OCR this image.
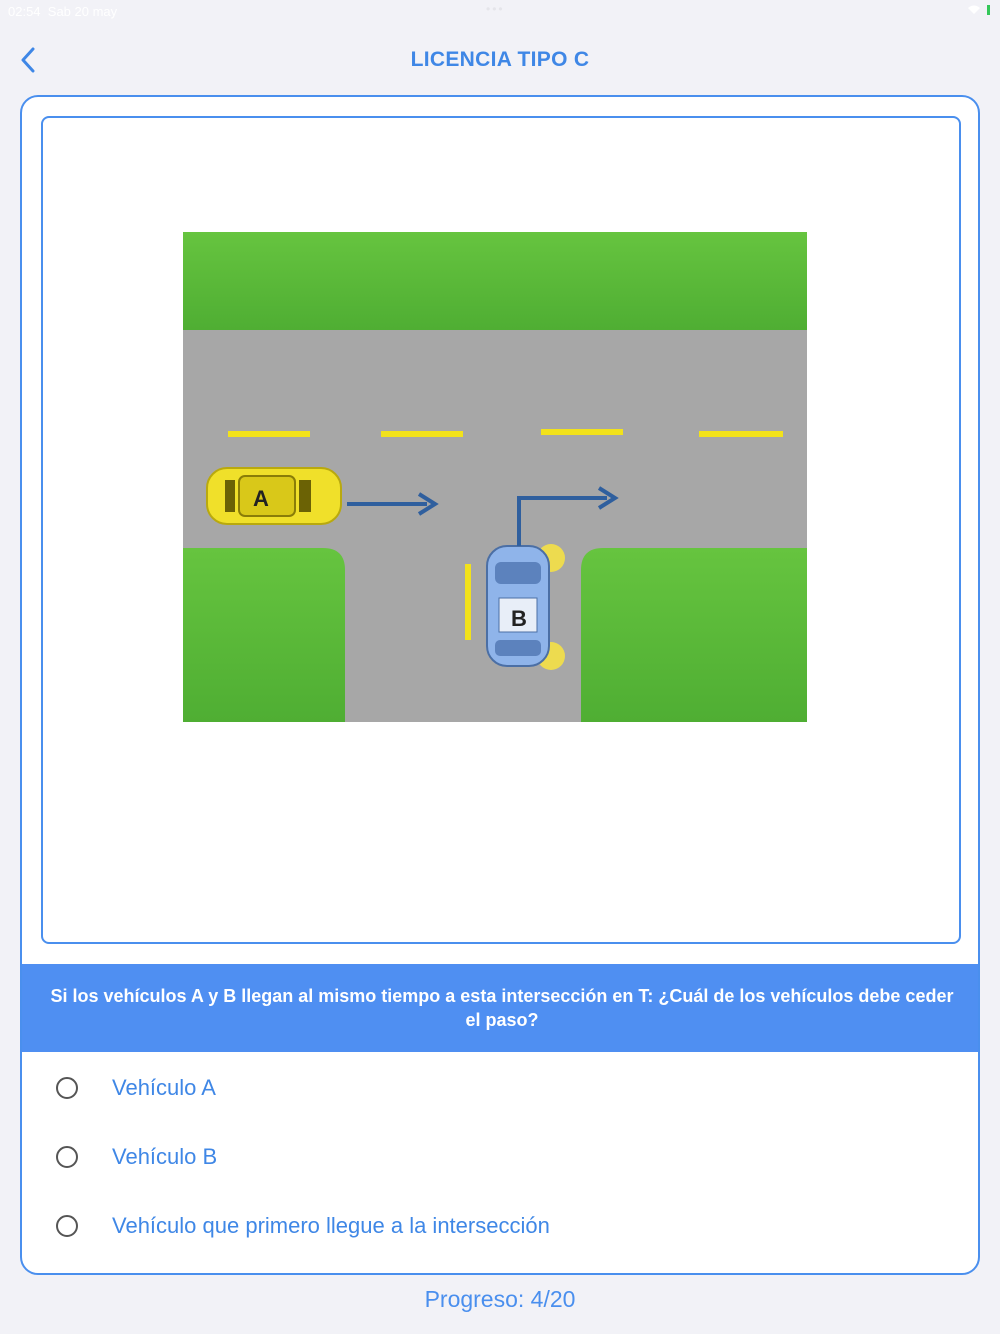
02:54 Sab 20 may	•••
LICENCIA TIPO C
A
B
Si los vehículos A y B llegan al mismo tiempo a esta intersección en T: ¿Cuál de los vehículos debe ceder el paso?
Vehículo A
Vehículo B
Vehículo que primero llegue a la intersección
Progreso: 4/20
